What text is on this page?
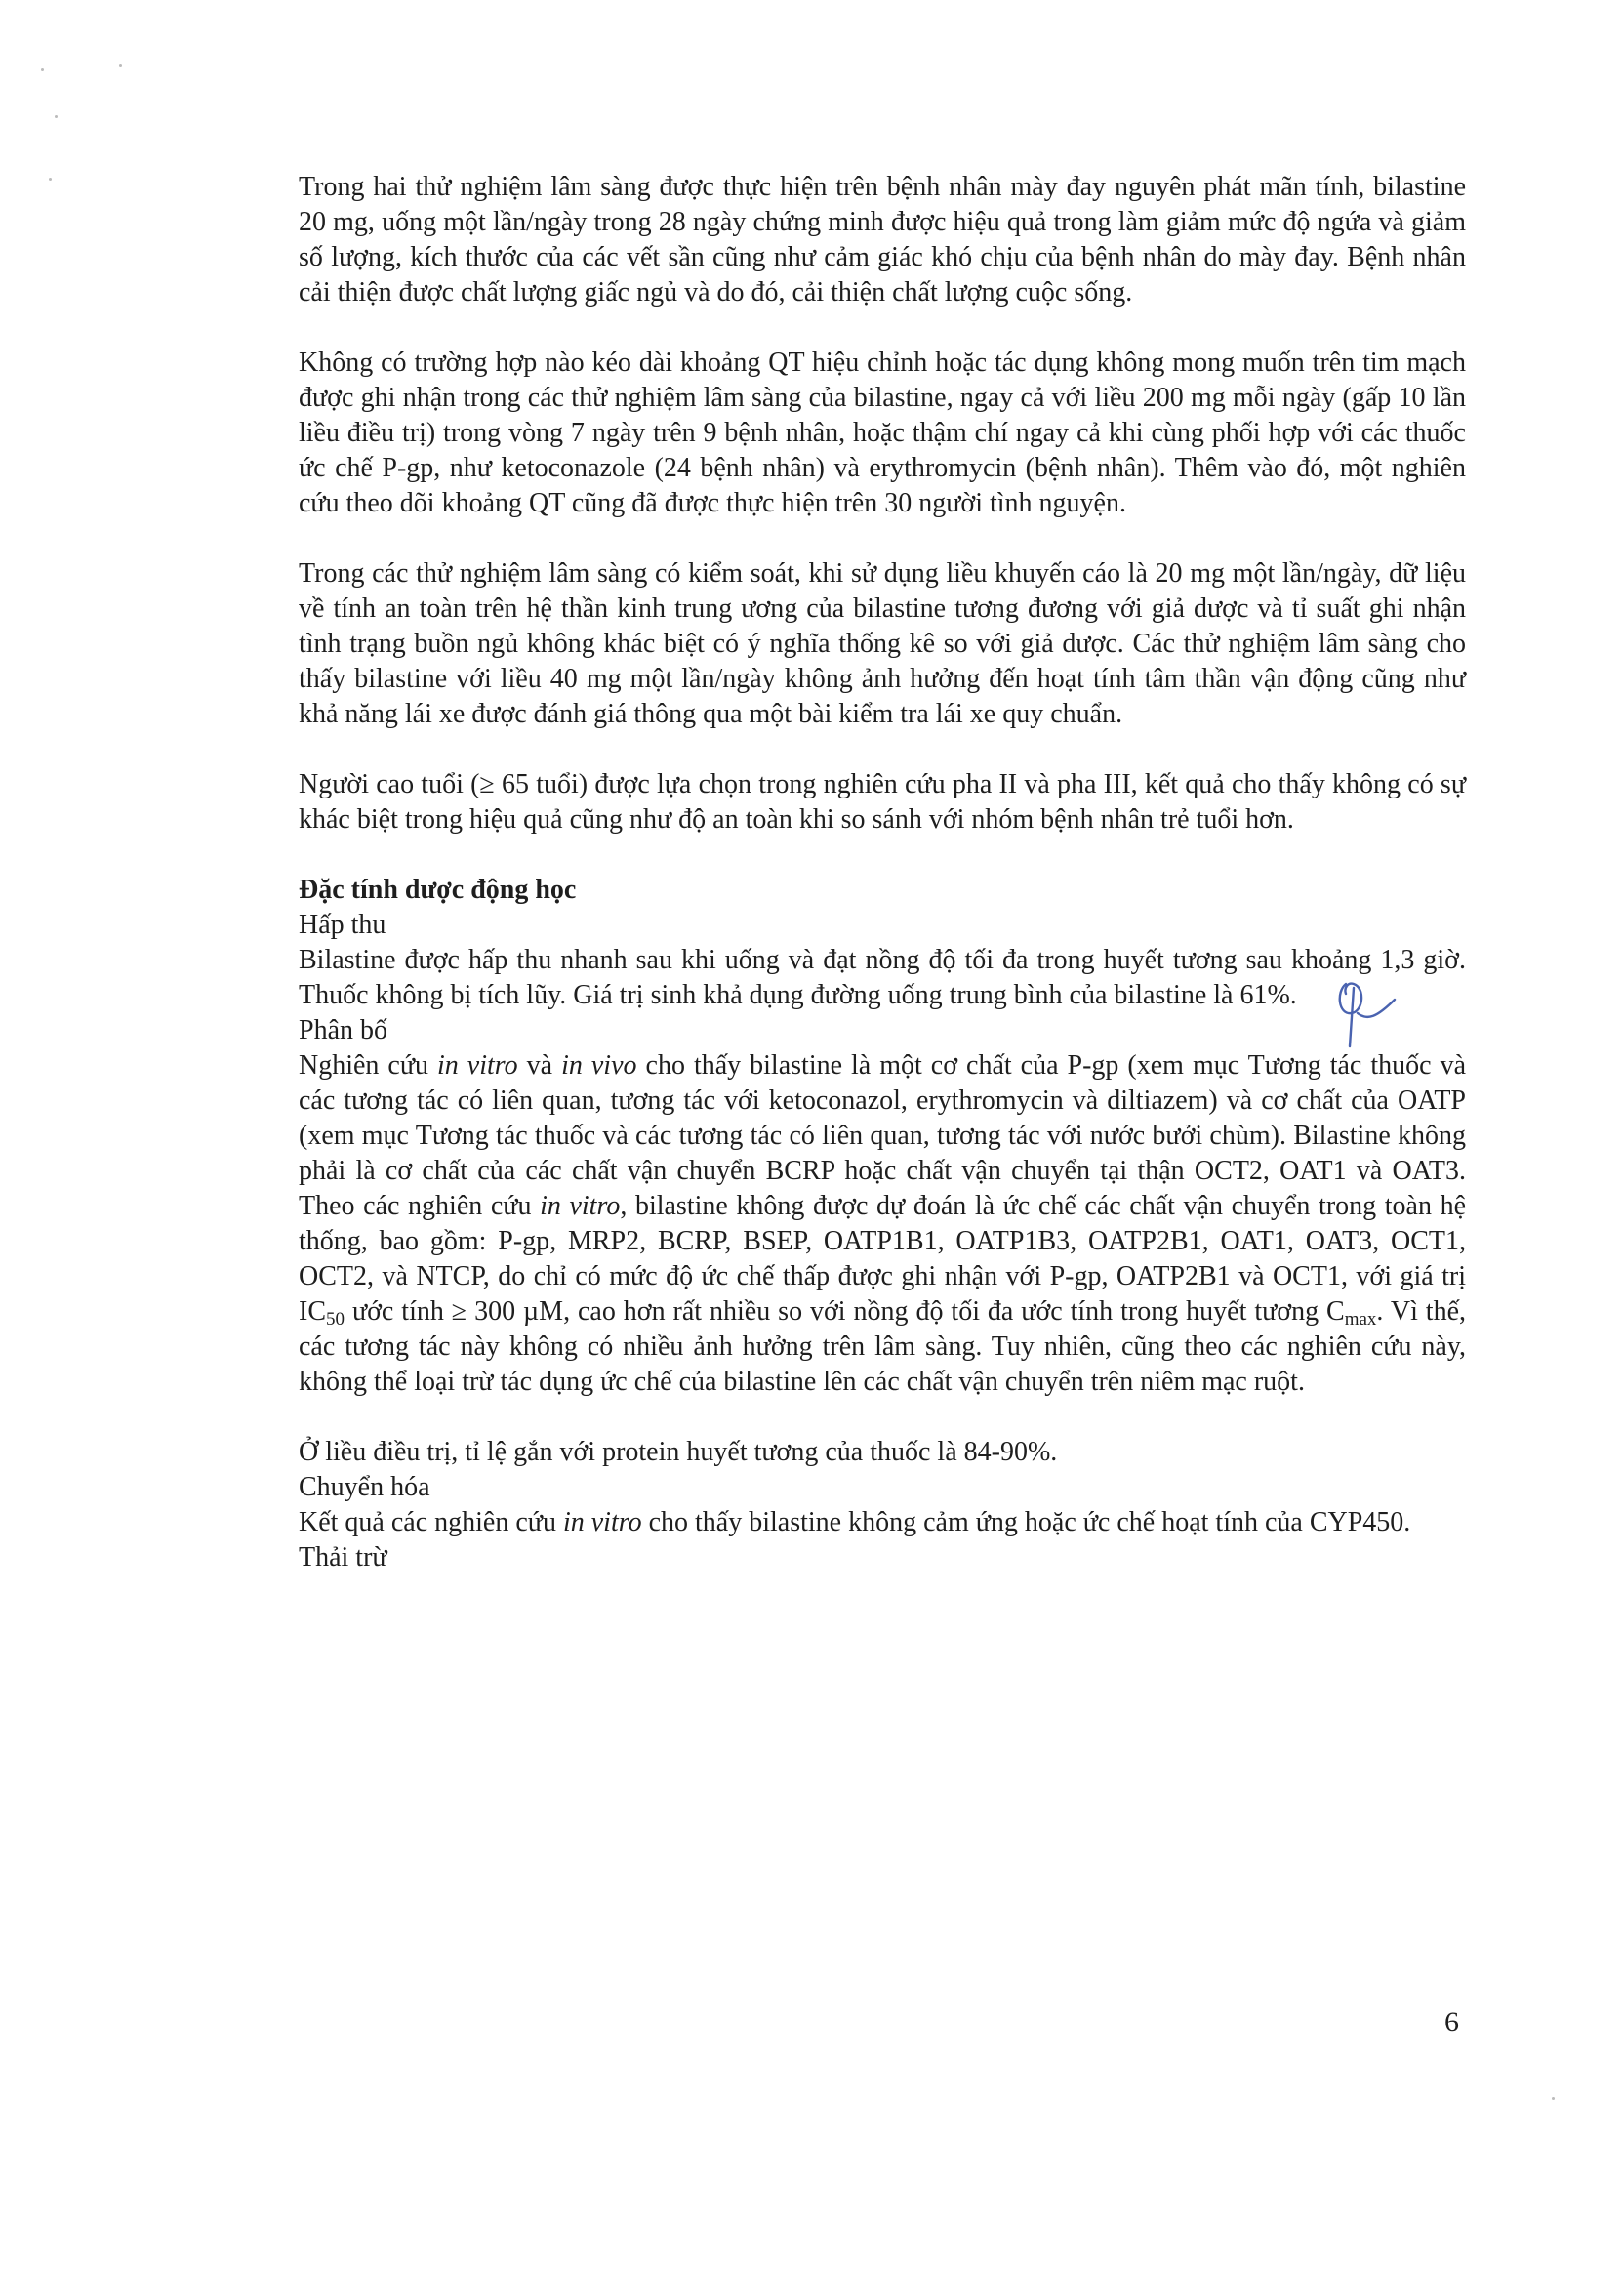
Trong hai thử nghiệm lâm sàng được thực hiện trên bệnh nhân mày đay nguyên phát mãn tính, bilastine 20 mg, uống một lần/ngày trong 28 ngày chứng minh được hiệu quả trong làm giảm mức độ ngứa và giảm số lượng, kích thước của các vết sần cũng như cảm giác khó chịu của bệnh nhân do mày đay. Bệnh nhân cải thiện được chất lượng giấc ngủ và do đó, cải thiện chất lượng cuộc sống.

Không có trường hợp nào kéo dài khoảng QT hiệu chỉnh hoặc tác dụng không mong muốn trên tim mạch được ghi nhận trong các thử nghiệm lâm sàng của bilastine, ngay cả với liều 200 mg mỗi ngày (gấp 10 lần liều điều trị) trong vòng 7 ngày trên 9 bệnh nhân, hoặc thậm chí ngay cả khi cùng phối hợp với các thuốc ức chế P-gp, như ketoconazole (24 bệnh nhân) và erythromycin (bệnh nhân). Thêm vào đó, một nghiên cứu theo dõi khoảng QT cũng đã được thực hiện trên 30 người tình nguyện.

Trong các thử nghiệm lâm sàng có kiểm soát, khi sử dụng liều khuyến cáo là 20 mg một lần/ngày, dữ liệu về tính an toàn trên hệ thần kinh trung ương của bilastine tương đương với giả dược và tỉ suất ghi nhận tình trạng buồn ngủ không khác biệt có ý nghĩa thống kê so với giả dược. Các thử nghiệm lâm sàng cho thấy bilastine với liều 40 mg một lần/ngày không ảnh hưởng đến hoạt tính tâm thần vận động cũng như khả năng lái xe được đánh giá thông qua một bài kiểm tra lái xe quy chuẩn.

Người cao tuổi (≥ 65 tuổi) được lựa chọn trong nghiên cứu pha II và pha III, kết quả cho thấy không có sự khác biệt trong hiệu quả cũng như độ an toàn khi so sánh với nhóm bệnh nhân trẻ tuổi hơn.

Đặc tính dược động học

Hấp thu

Bilastine được hấp thu nhanh sau khi uống và đạt nồng độ tối đa trong huyết tương sau khoảng 1,3 giờ. Thuốc không bị tích lũy. Giá trị sinh khả dụng đường uống trung bình của bilastine là 61%.

Phân bố

Nghiên cứu in vitro và in vivo cho thấy bilastine là một cơ chất của P-gp (xem mục Tương tác thuốc và các tương tác có liên quan, tương tác với ketoconazol, erythromycin và diltiazem) và cơ chất của OATP (xem mục Tương tác thuốc và các tương tác có liên quan, tương tác với nước bưởi chùm). Bilastine không phải là cơ chất của các chất vận chuyển BCRP hoặc chất vận chuyển tại thận OCT2, OAT1 và OAT3. Theo các nghiên cứu in vitro, bilastine không được dự đoán là ức chế các chất vận chuyển trong toàn hệ thống, bao gồm: P-gp, MRP2, BCRP, BSEP, OATP1B1, OATP1B3, OATP2B1, OAT1, OAT3, OCT1, OCT2, và NTCP, do chỉ có mức độ ức chế thấp được ghi nhận với P-gp, OATP2B1 và OCT1, với giá trị $IC_{50}$ ước tính ≥ 300 µM, cao hơn rất nhiều so với nồng độ tối đa ước tính trong huyết tương $C_{max}$. Vì thế, các tương tác này không có nhiều ảnh hưởng trên lâm sàng. Tuy nhiên, cũng theo các nghiên cứu này, không thể loại trừ tác dụng ức chế của bilastine lên các chất vận chuyển trên niêm mạc ruột.

Ở liều điều trị, tỉ lệ gắn với protein huyết tương của thuốc là 84-90%.

Chuyển hóa

Kết quả các nghiên cứu in vitro cho thấy bilastine không cảm ứng hoặc ức chế hoạt tính của CYP450.

Thải trừ

6
